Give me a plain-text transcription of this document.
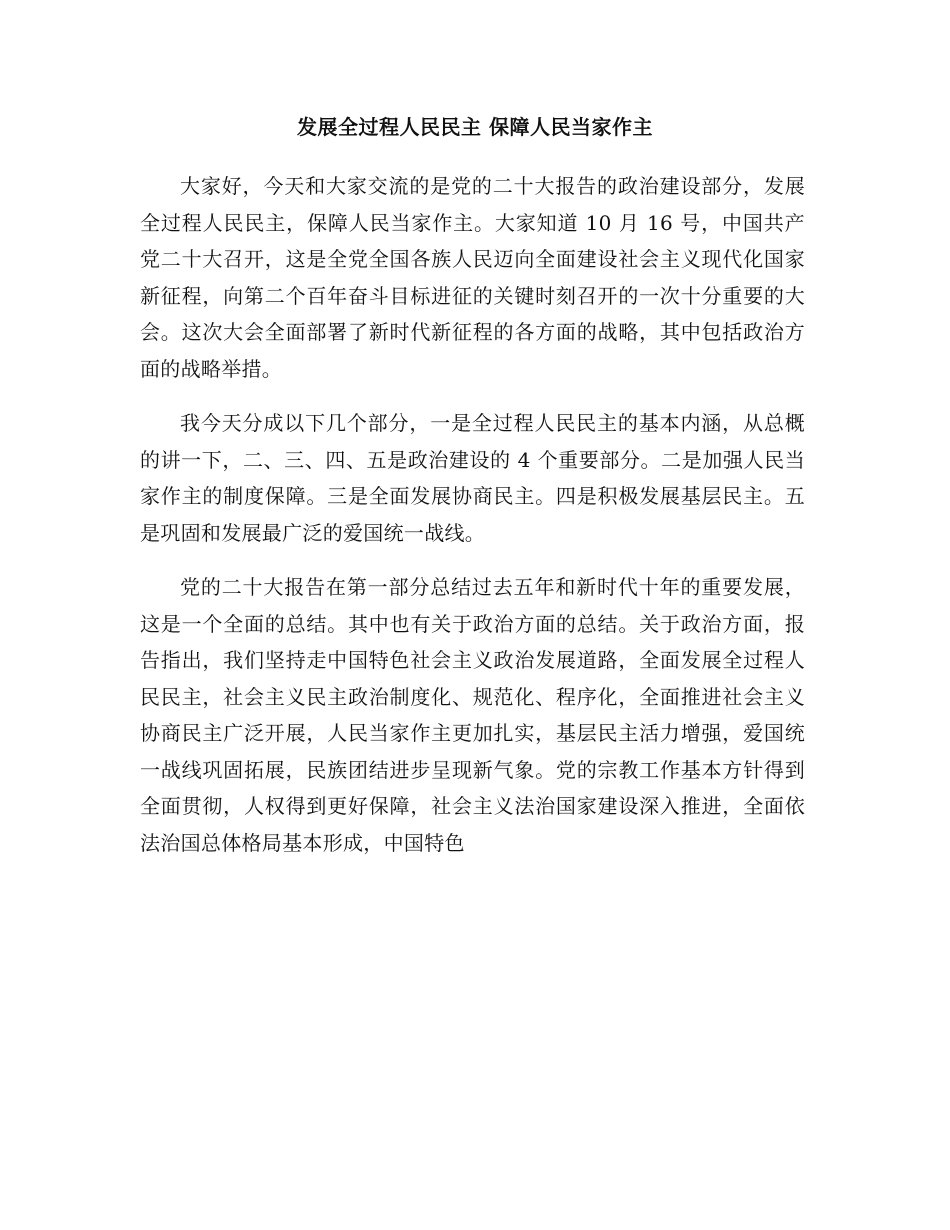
发展全过程人民民主 保障人民当家作主

大家好，今天和大家交流的是党的二十大报告的政治建设部分，发展全过程人民民主，保障人民当家作主。大家知道 10 月 16 号，中国共产党二十大召开，这是全党全国各族人民迈向全面建设社会主义现代化国家新征程，向第二个百年奋斗目标进征的关键时刻召开的一次十分重要的大会。这次大会全面部署了新时代新征程的各方面的战略，其中包括政治方面的战略举措。

我今天分成以下几个部分，一是全过程人民民主的基本内涵，从总概的讲一下，二、三、四、五是政治建设的 4 个重要部分。二是加强人民当家作主的制度保障。三是全面发展协商民主。四是积极发展基层民主。五是巩固和发展最广泛的爱国统一战线。

党的二十大报告在第一部分总结过去五年和新时代十年的重要发展，这是一个全面的总结。其中也有关于政治方面的总结。关于政治方面，报告指出，我们坚持走中国特色社会主义政治发展道路，全面发展全过程人民民主，社会主义民主政治制度化、规范化、程序化，全面推进社会主义协商民主广泛开展，人民当家作主更加扎实，基层民主活力增强，爱国统一战线巩固拓展，民族团结进步呈现新气象。党的宗教工作基本方针得到全面贯彻，人权得到更好保障，社会主义法治国家建设深入推进，全面依法治国总体格局基本形成，中国特色
